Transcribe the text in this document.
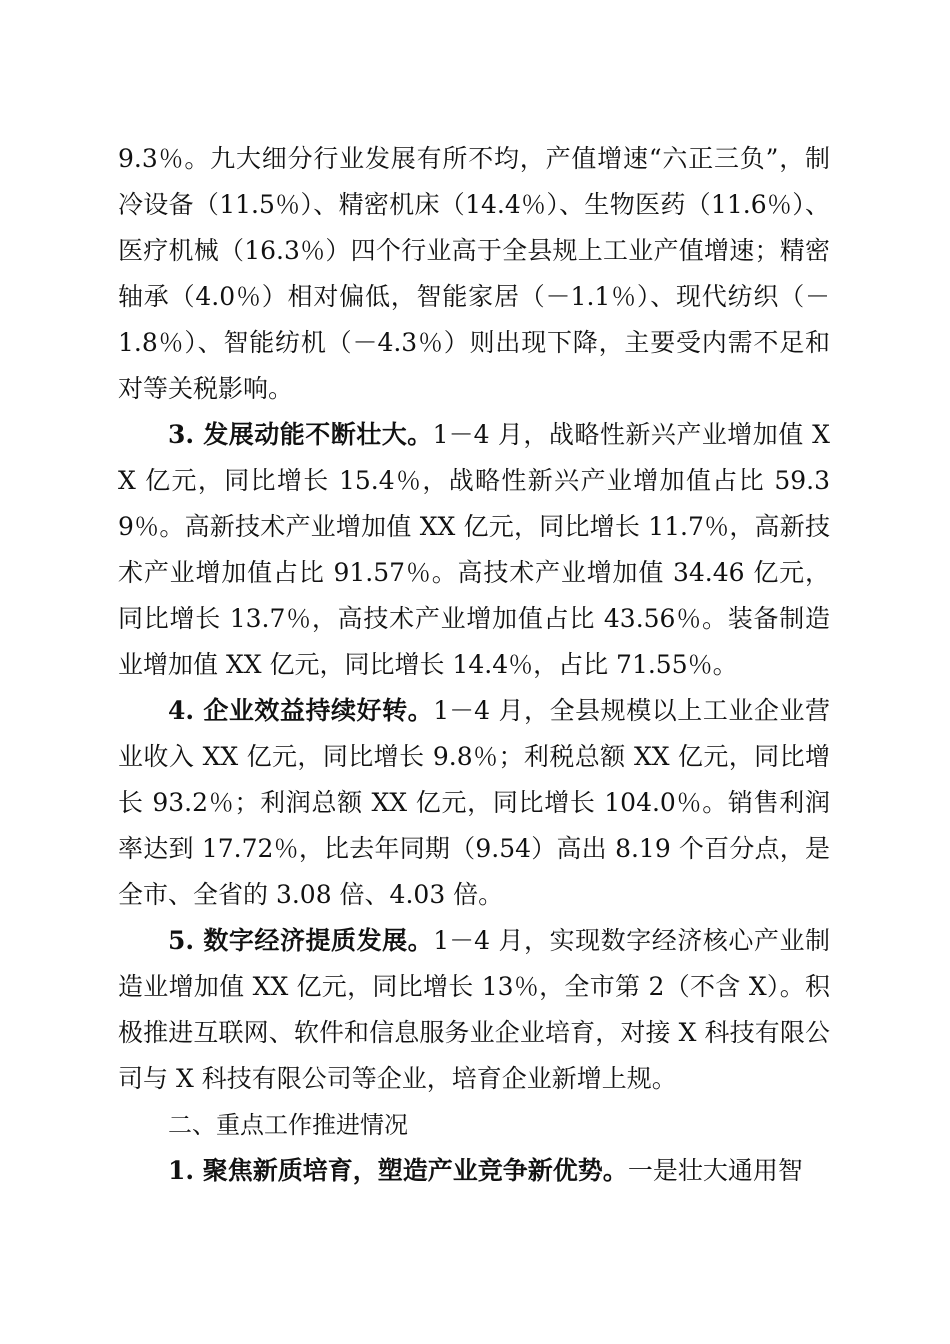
9.3％。九大细分行业发展有所不均，产值增速“六正三负”，制冷设备（11.5％）、精密机床（14.4％）、生物医药（11.6％）、医疗机械（16.3％）四个行业高于全县规上工业产值增速；精密轴承（4.0％）相对偏低，智能家居（－1.1％）、现代纺织（－1.8％）、智能纺机（－4.3％）则出现下降，主要受内需不足和对等关税影响。

3. 发展动能不断壮大。1－4 月，战略性新兴产业增加值 XX 亿元，同比增长 15.4％，战略性新兴产业增加值占比 59.39％。高新技术产业增加值 XX 亿元，同比增长 11.7％，高新技术产业增加值占比 91.57％。高技术产业增加值 34.46 亿元，同比增长 13.7％，高技术产业增加值占比 43.56％。装备制造业增加值 XX 亿元，同比增长 14.4％，占比 71.55％。

4. 企业效益持续好转。1－4 月，全县规模以上工业企业营业收入 XX 亿元，同比增长 9.8％；利税总额 XX 亿元，同比增长 93.2％；利润总额 XX 亿元，同比增长 104.0％。销售利润率达到 17.72％，比去年同期（9.54）高出 8.19 个百分点，是全市、全省的 3.08 倍、4.03 倍。

5. 数字经济提质发展。1－4 月，实现数字经济核心产业制造业增加值 XX 亿元，同比增长 13％，全市第 2（不含 X）。积极推进互联网、软件和信息服务业企业培育，对接 X 科技有限公司与 X 科技有限公司等企业，培育企业新增上规。

二、重点工作推进情况

1. 聚焦新质培育，塑造产业竞争新优势。一是壮大通用智
